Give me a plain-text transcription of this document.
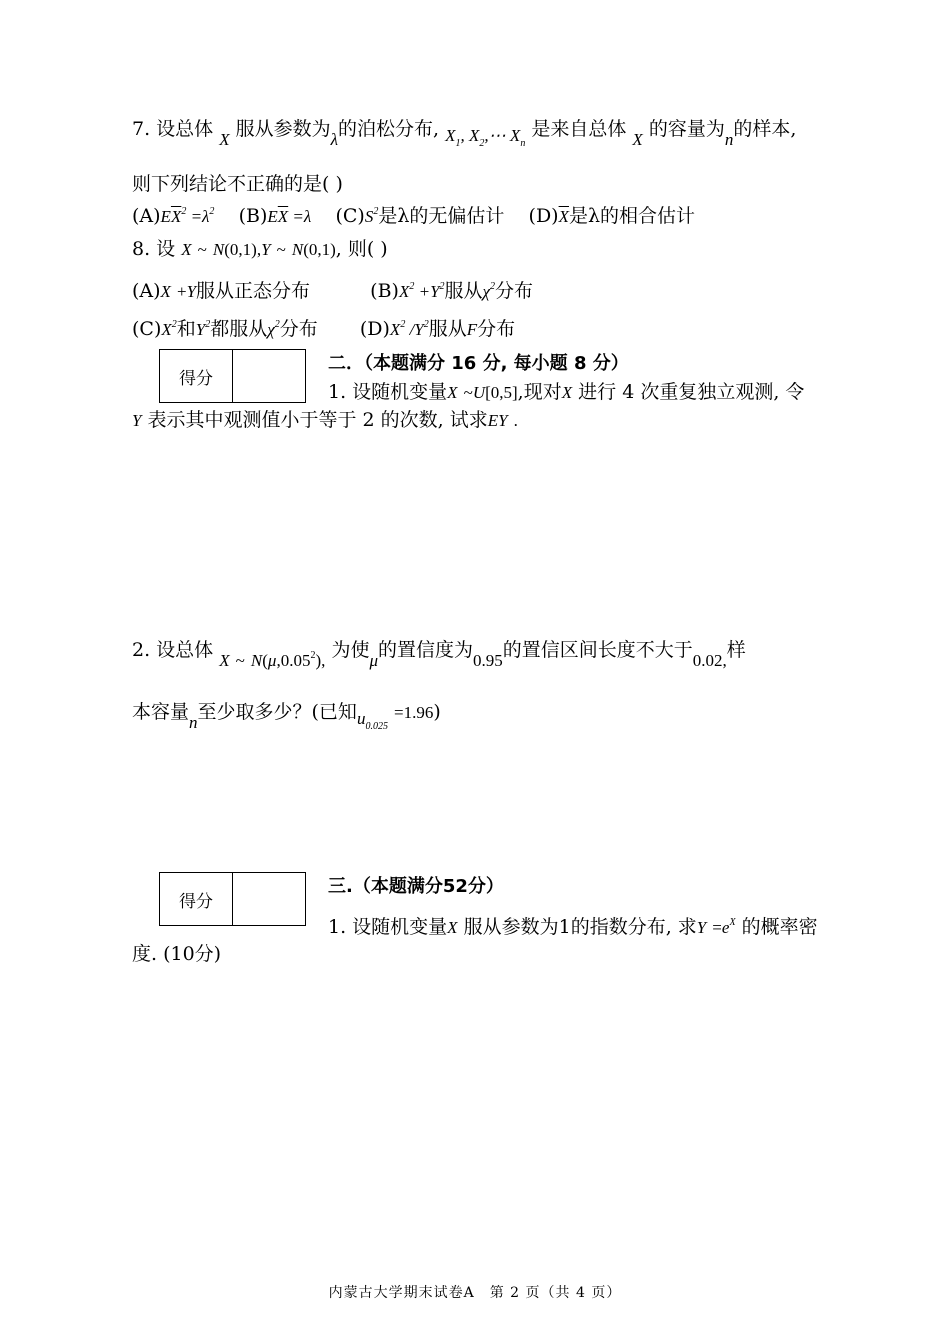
7. 设总体 X 服从参数为λ的泊松分布, $X_1$, $X_2,\cdots$ $X_n$ 是来自总体 X 的容量为n的样本,
则下列结论不正确的是( )
$(A)E\overline{X}^2 =\lambda^2$ $(B)E\overline{X} =\lambda$ $(C)S^2$是λ的无偏估计 $(D)\overline{X}$是λ的相合估计
8. 设 X ~ N(0,1),Y ~ N(0,1), 则( )
(A)X +Y服从正态分布	$(B)X^2 +Y^2$服从$\chi^2$分布
$(C)X^2$和$Y^2$都服从$\chi^2$分布 $(D)X^2$ $/Y^2$服从F分布
得分	
二．（本题满分 16 分, 每小题 8 分）
1. 设随机变量X ~U[0,5],现对X 进行 4 次重复独立观测, 令
Y 表示其中观测值小于等于 2 的次数, 试求EY .
2. 设总体 X ~ N(μ,0.05$^2$), 为使μ的置信度为0.95的置信区间长度不大于0.02,样
本容量n至少取多少？(已知$u_{0.025} =1.96$)
得分	
三.（本题满分52分）
1. 设随机变量X 服从参数为1的指数分布, 求$Y =e^X$ 的概率密
度. (10分)
内蒙古大学期末试卷A　第 2 页（共 4 页）
